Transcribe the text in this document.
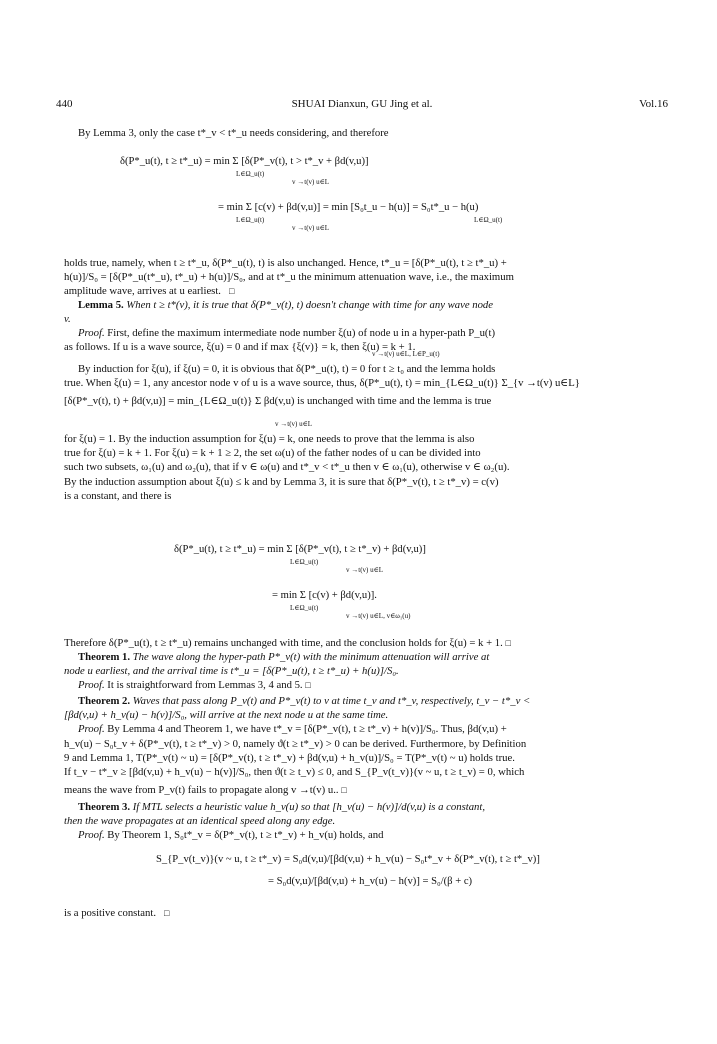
440	SHUAI Dianxun, GU Jing et al.	Vol.16
By Lemma 3, only the case t*_v < t*_u needs considering, and therefore
δ(P*_u(t), t ≥ t*_u) = min Σ [δ(P*_v(t), t > t*_v + βd(v,u)]
L∈Ω_u(t)
v →t(v) u∈L
= min Σ [c(v) + βd(v,u)] = min [S₀t_u − h(u)] = S₀t*_u − h(u)
L∈Ω_u(t)
v →t(v) u∈L
L∈Ω_u(t)
holds true, namely, when t ≥ t*_u, δ(P*_u(t), t) is also unchanged. Hence, t*_u = [δ(P*_u(t), t ≥ t*_u) +
h(u)]/S₀ = [δ(P*_u(t*_u), t*_u) + h(u)]/S₀, and at t*_u the minimum attenuation wave, i.e., the maximum
amplitude wave, arrives at u earliest. □
Lemma 5. When t ≥ t*(v), it is true that δ(P*_v(t), t) doesn't change with time for any wave node
v.
Proof. First, define the maximum intermediate node number ξ(u) of node u in a hyper-path P_u(t)
as follows. If u is a wave source, ξ(u) = 0 and if max {ξ(v)} = k, then ξ(u) = k + 1.
v →t(v) u∈L, L∈P_u(t)
By induction for ξ(u), if ξ(u) = 0, it is obvious that δ(P*_u(t), t) = 0 for t ≥ t₀ and the lemma holds
true. When ξ(u) = 1, any ancestor node v of u is a wave source, thus, δ(P*_u(t), t) = min_{L∈Ω_u(t)} Σ_{v →t(v) u∈L}
[δ(P*_v(t), t) + βd(v,u)] = min_{L∈Ω_u(t)} Σ βd(v,u) is unchanged with time and the lemma is true
v →t(v) u∈L
for ξ(u) = 1. By the induction assumption for ξ(u) = k, one needs to prove that the lemma is also
true for ξ(u) = k + 1. For ξ(u) = k + 1 ≥ 2, the set ω(u) of the father nodes of u can be divided into
such two subsets, ω₁(u) and ω₂(u), that if v ∈ ω(u) and t*_v < t*_u then v ∈ ω₁(u), otherwise v ∈ ω₂(u).
By the induction assumption about ξ(u) ≤ k and by Lemma 3, it is sure that δ(P*_v(t), t ≥ t*_v) = c(v)
is a constant, and there is
δ(P*_u(t), t ≥ t*_u) = min Σ [δ(P*_v(t), t ≥ t*_v) + βd(v,u)]
L∈Ω_u(t)
v →t(v) u∈L
= min Σ [c(v) + βd(v,u)].
L∈Ω_u(t)
v →t(v) u∈L, v∈ω₁(u)
Therefore δ(P*_u(t), t ≥ t*_u) remains unchanged with time, and the conclusion holds for ξ(u) = k + 1. □
Theorem 1. The wave along the hyper-path P*_v(t) with the minimum attenuation will arrive at
node u earliest, and the arrival time is t*_u = [δ(P*_u(t), t ≥ t*_u) + h(u)]/S₀.
Proof. It is straightforward from Lemmas 3, 4 and 5. □
Theorem 2. Waves that pass along P_v(t) and P*_v(t) to v at time t_v and t*_v, respectively, t_v − t*_v <
[βd(v,u) + h_v(u) − h(v)]/S₀, will arrive at the next node u at the same time.
Proof. By Lemma 4 and Theorem 1, we have t*_v = [δ(P*_v(t), t ≥ t*_v) + h(v)]/S₀. Thus, βd(v,u) +
h_v(u) − S₀t_v + δ(P*_v(t), t ≥ t*_v) > 0, namely ϑ(t ≥ t*_v) > 0 can be derived. Furthermore, by Definition
9 and Lemma 1, T(P*_v(t) ~ u) = [δ(P*_v(t), t ≥ t*_v) + βd(v,u) + h_v(u)]/S₀ = T(P*_v(t) ~ u) holds true.
If t_v − t*_v ≥ [βd(v,u) + h_v(u) − h(v)]/S₀, then ϑ(t ≥ t_v) ≤ 0, and S_{P_v(t_v)}(v ~ u, t ≥ t_v) = 0, which
means the wave from P_v(t) fails to propagate along v →t(v) u.. □
Theorem 3. If MTL selects a heuristic value h_v(u) so that [h_v(u) − h(v)]/d(v,u) is a constant,
then the wave propagates at an identical speed along any edge.
Proof. By Theorem 1, S₀t*_v = δ(P*_v(t), t ≥ t*_v) + h_v(u) holds, and
S_{P_v(t_v)}(v ~ u, t ≥ t*_v) = S₀d(v,u)/[βd(v,u) + h_v(u) − S₀t*_v + δ(P*_v(t), t ≥ t*_v)]
= S₀d(v,u)/[βd(v,u) + h_v(u) − h(v)] = S₀/(β + c)
is a positive constant. □
